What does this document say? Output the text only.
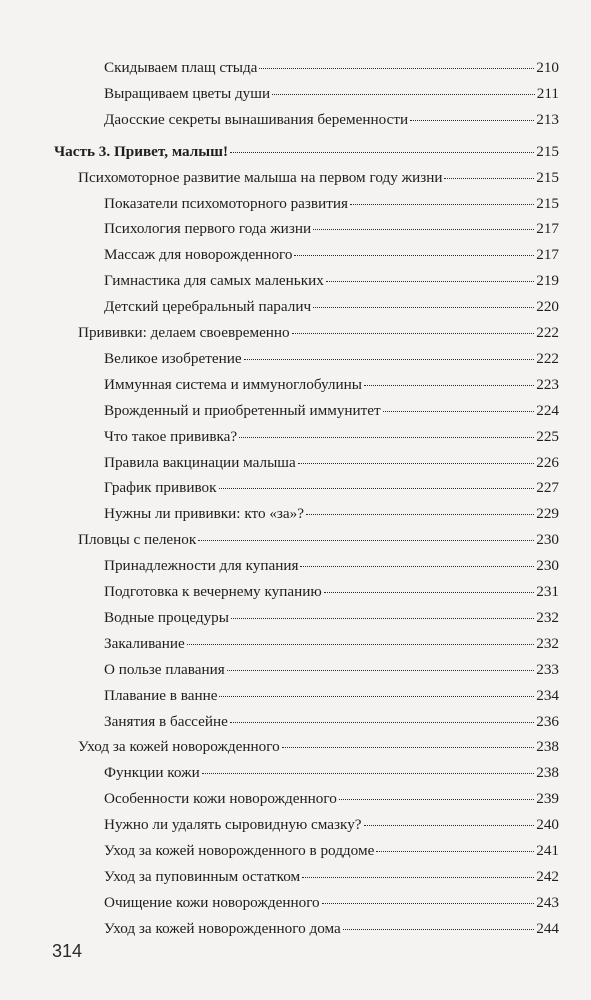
Скидываем плащ стыда	210
Выращиваем цветы души	211
Даосские секреты вынашивания беременности	213
Часть 3. Привет, малыш!	215
Психомоторное развитие малыша на первом году жизни	215
Показатели психомоторного развития	215
Психология первого года жизни	217
Массаж для новорожденного	217
Гимнастика для самых маленьких	219
Детский церебральный паралич	220
Прививки: делаем своевременно	222
Великое изобретение	222
Иммунная система и иммуноглобулины	223
Врожденный и приобретенный иммунитет	224
Что такое прививка?	225
Правила вакцинации малыша	226
График прививок	227
Нужны ли прививки: кто «за»?	229
Пловцы с пеленок	230
Принадлежности для купания	230
Подготовка к вечернему купанию	231
Водные процедуры	232
Закаливание	232
О пользе плавания	233
Плавание в ванне	234
Занятия в бассейне	236
Уход за кожей новорожденного	238
Функции кожи	238
Особенности кожи новорожденного	239
Нужно ли удалять сыровидную смазку?	240
Уход за кожей новорожденного в роддоме	241
Уход за пуповинным остатком	242
Очищение кожи новорожденного	243
Уход за кожей новорожденного дома	244
314
